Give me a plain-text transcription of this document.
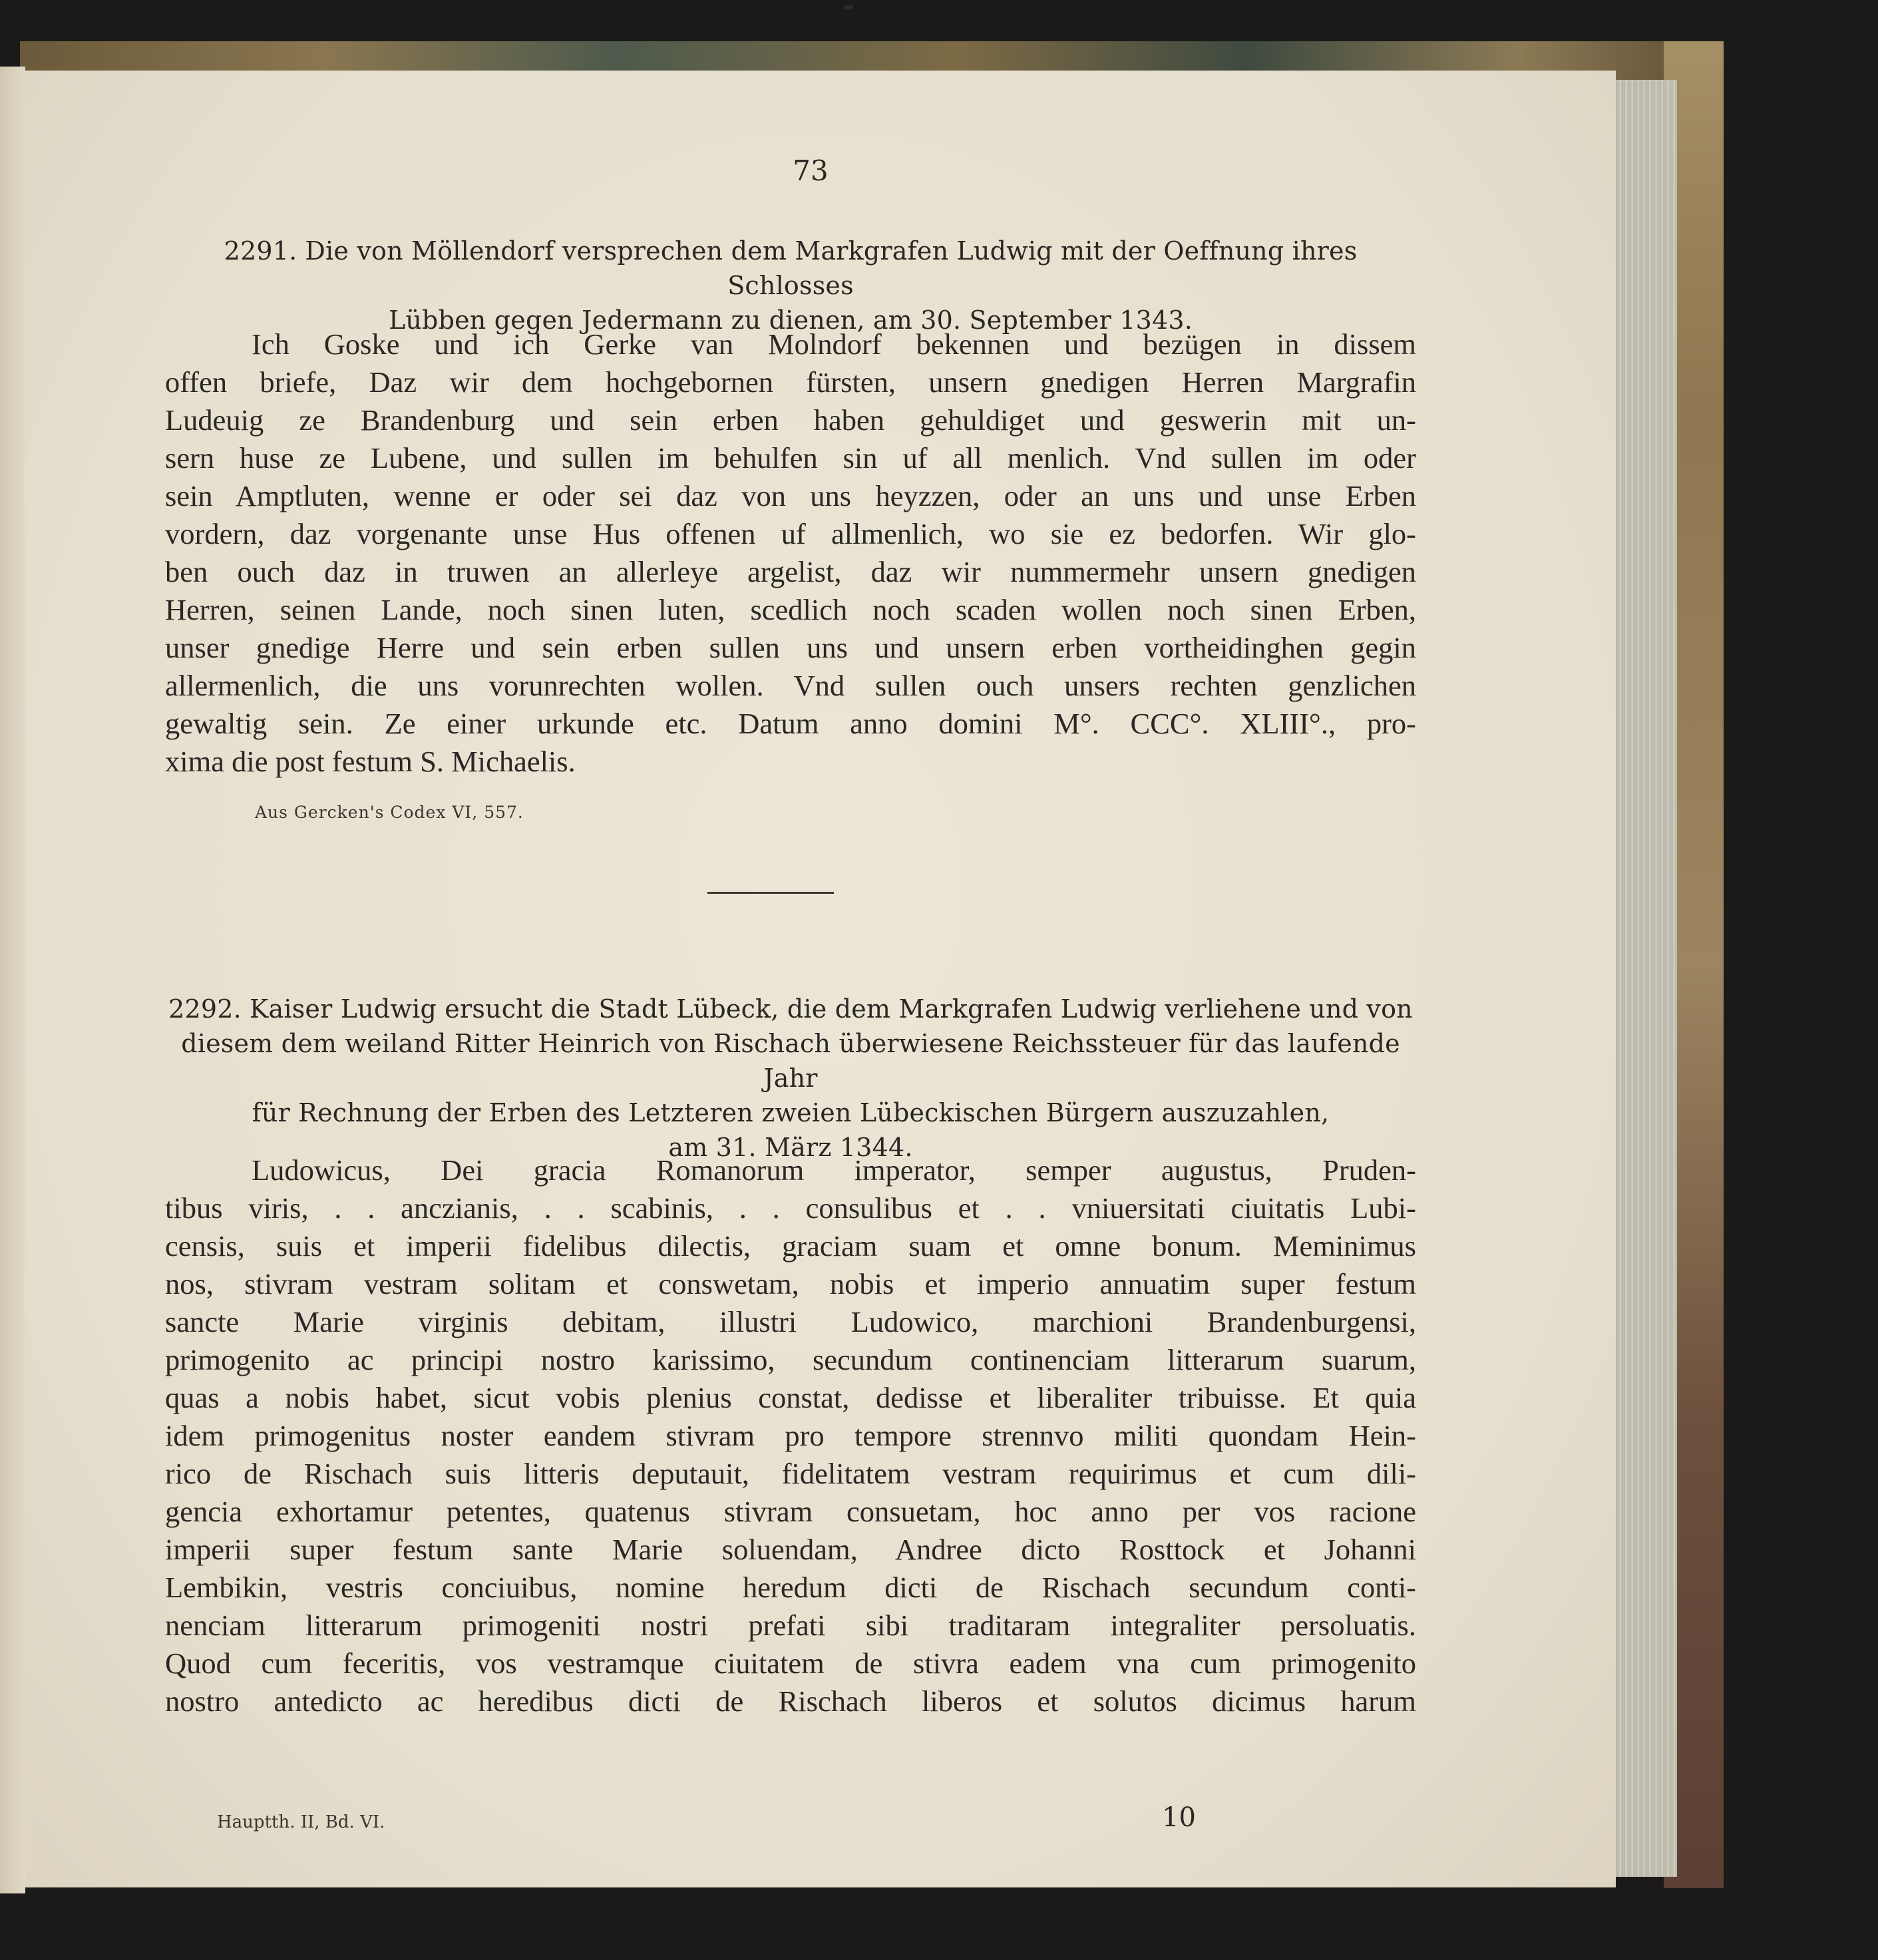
73
2291. Die von Möllendorf versprechen dem Markgrafen Ludwig mit der Oeffnung ihres Schlosses
Lübben gegen Jedermann zu dienen, am 30. September 1343.
Ich Goske und ich Gerke van Molndorf bekennen und bezügen in dissem
offen briefe, Daz wir dem hochgebornen fürsten, unsern gnedigen Herren Margrafin
Ludeuig ze Brandenburg und sein erben haben gehuldiget und geswerin mit un-
sern huse ze Lubene, und sullen im behulfen sin uf all menlich. Vnd sullen im oder
sein Amptluten, wenne er oder sei daz von uns heyzzen, oder an uns und unse Erben
vordern, daz vorgenante unse Hus offenen uf allmenlich, wo sie ez bedorfen. Wir glo-
ben ouch daz in truwen an allerleye argelist, daz wir nummermehr unsern gnedigen
Herren, seinen Lande, noch sinen luten, scedlich noch scaden wollen noch sinen Erben,
unser gnedige Herre und sein erben sullen uns und unsern erben vortheidinghen gegin
allermenlich, die uns vorunrechten wollen. Vnd sullen ouch unsers rechten genzlichen
gewaltig sein. Ze einer urkunde etc. Datum anno domini M°. CCC°. XLIII°., pro-
xima die post festum S. Michaelis.
Aus Gercken's Codex VI, 557.
2292. Kaiser Ludwig ersucht die Stadt Lübeck, die dem Markgrafen Ludwig verliehene und von
diesem dem weiland Ritter Heinrich von Rischach überwiesene Reichssteuer für das laufende Jahr
für Rechnung der Erben des Letzteren zweien Lübeckischen Bürgern auszuzahlen,
am 31. März 1344.
Ludowicus, Dei gracia Romanorum imperator, semper augustus, Pruden-
tibus viris, . . anczianis, . . scabinis, . . consulibus et . . vniuersitati ciuitatis Lubi-
censis, suis et imperii fidelibus dilectis, graciam suam et omne bonum. Meminimus
nos, stivram vestram solitam et conswetam, nobis et imperio annuatim super festum
sancte Marie virginis debitam, illustri Ludowico, marchioni Brandenburgensi,
primogenito ac principi nostro karissimo, secundum continenciam litterarum suarum,
quas a nobis habet, sicut vobis plenius constat, dedisse et liberaliter tribuisse. Et quia
idem primogenitus noster eandem stivram pro tempore strennvo militi quondam Hein-
rico de Rischach suis litteris deputauit, fidelitatem vestram requirimus et cum dili-
gencia exhortamur petentes, quatenus stivram consuetam, hoc anno per vos racione
imperii super festum sante Marie soluendam, Andree dicto Rosttock et Johanni
Lembikin, vestris conciuibus, nomine heredum dicti de Rischach secundum conti-
nenciam litterarum primogeniti nostri prefati sibi traditaram integraliter persoluatis.
Quod cum feceritis, vos vestramque ciuitatem de stivra eadem vna cum primogenito
nostro antedicto ac heredibus dicti de Rischach liberos et solutos dicimus harum
Hauptth. II, Bd. VI.	10
